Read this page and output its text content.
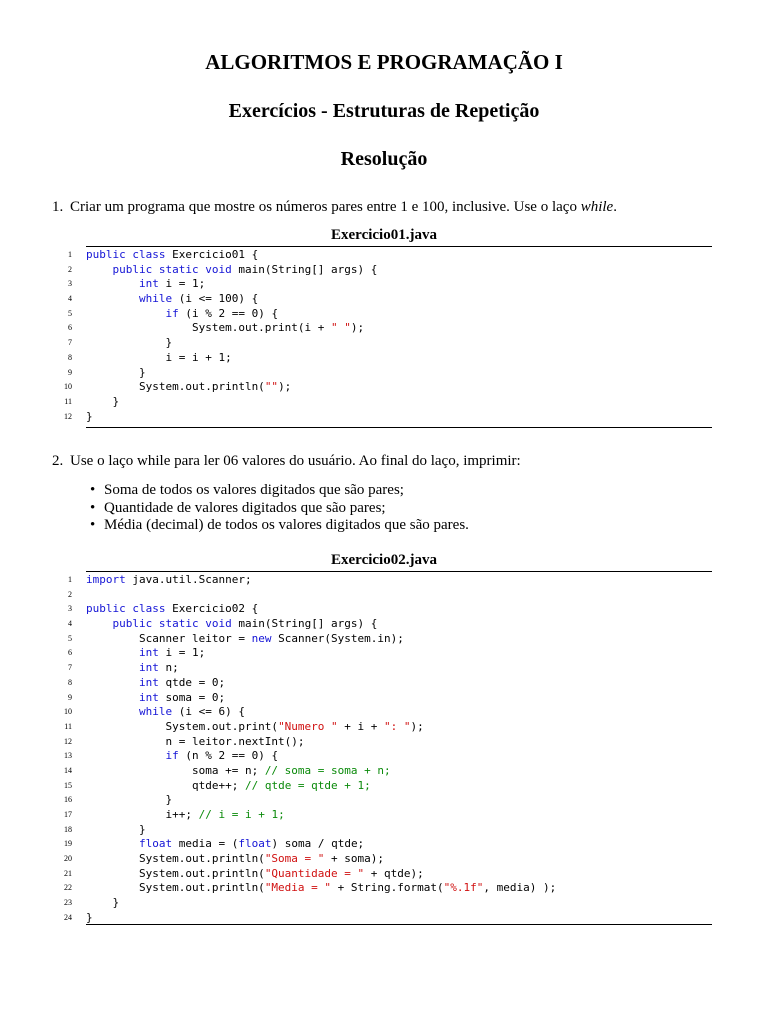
ALGORITMOS E PROGRAMAÇÃO I
Exercícios - Estruturas de Repetição
Resolução
1. Criar um programa que mostre os números pares entre 1 e 100, inclusive. Use o laço while.
Exercicio01.java
1 public class Exercicio01 {
2	public static void main(String[] args) {
3	int i = 1;
4	while (i <= 100) {
5	if (i % 2 == 0) {
6 System.out.print(i + " ");
7 }
8 i = i + 1;
9 }
10 System.out.println("");
11 }
12 }
2. Use o laço while para ler 06 valores do usuário. Ao final do laço, imprimir:
• Soma de todos os valores digitados que são pares;
• Quantidade de valores digitados que são pares;
• Média (decimal) de todos os valores digitados que são pares.
Exercicio02.java
1 import java.util.Scanner;
2
3 public class Exercicio02 {
4	public static void main(String[] args) {
5 Scanner leitor = new Scanner(System.in);
6	int i = 1;
7	int n;
8	int qtde = 0;
9	int soma = 0;
10	while (i <= 6) {
11 System.out.print("Numero " + i + ": ");
12 n = leitor.nextInt();
13	if (n % 2 == 0) {
14 soma += n; // soma = soma + n;
15 qtde++; // qtde = qtde + 1;
16 }
17 i++; // i = i + 1;
18 }
19	float media = (float) soma / qtde;
20 System.out.println("Soma = " + soma);
21 System.out.println("Quantidade = " + qtde);
22 System.out.println("Media = " + String.format("%.1f", media) );
23 }
24 }
